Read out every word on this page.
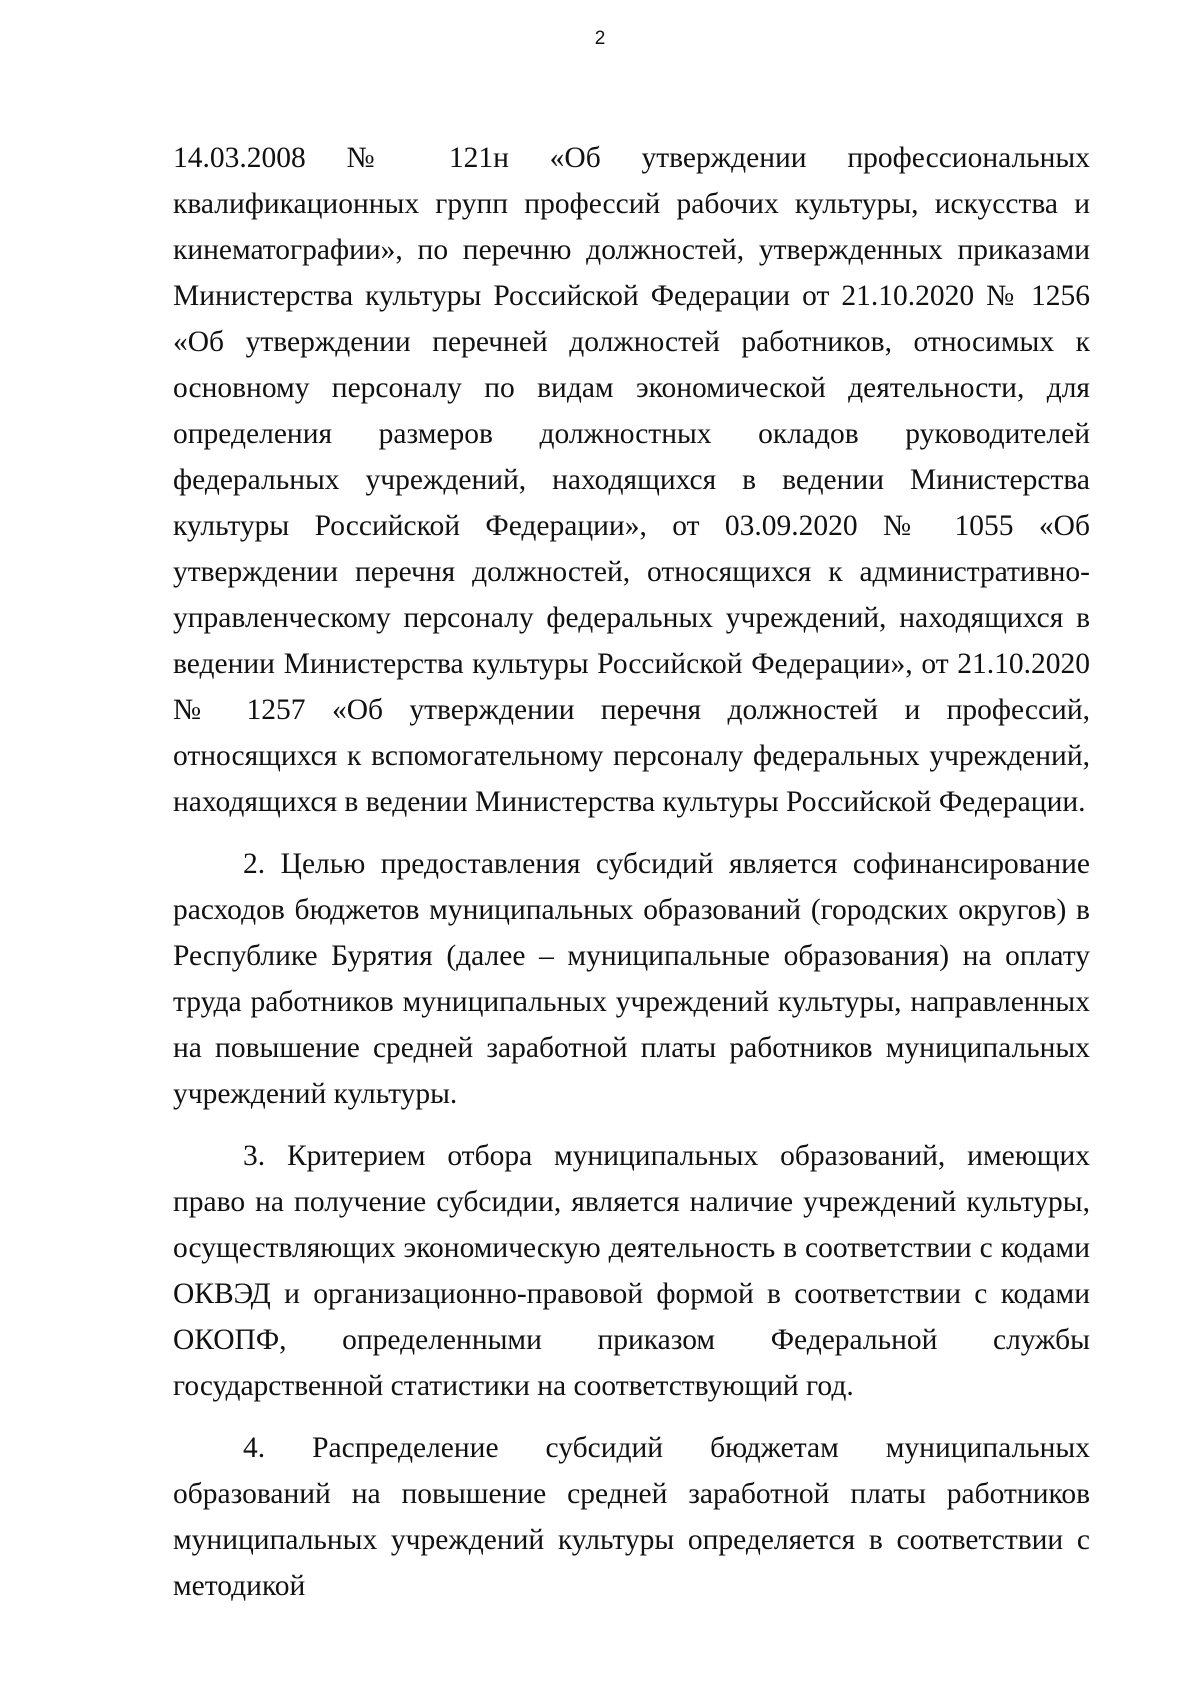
2

14.03.2008 № 121н «Об утверждении профессиональных квалификационных групп профессий рабочих культуры, искусства и кинематографии», по перечню должностей, утвержденных приказами Министерства культуры Российской Федерации от 21.10.2020 № 1256 «Об утверждении перечней должностей работников, относимых к основному персоналу по видам экономической деятельности, для определения размеров должностных окладов руководителей федеральных учреждений, находящихся в ведении Министерства культуры Российской Федерации», от 03.09.2020 № 1055 «Об утверждении перечня должностей, относящихся к административно-управленческому персоналу федеральных учреждений, находящихся в ведении Министерства культуры Российской Федерации», от 21.10.2020 № 1257 «Об утверждении перечня должностей и профессий, относящихся к вспомогательному персоналу федеральных учреждений, находящихся в ведении Министерства культуры Российской Федерации.

2. Целью предоставления субсидий является софинансирование расходов бюджетов муниципальных образований (городских округов) в Республике Бурятия (далее – муниципальные образования) на оплату труда работников муниципальных учреждений культуры, направленных на повышение средней заработной платы работников муниципальных учреждений культуры.

3. Критерием отбора муниципальных образований, имеющих право на получение субсидии, является наличие учреждений культуры, осуществляющих экономическую деятельность в соответствии с кодами ОКВЭД и организационно-правовой формой в соответствии с кодами ОКОПФ, определенными приказом Федеральной службы государственной статистики на соответствующий год.

4. Распределение субсидий бюджетам муниципальных образований на повышение средней заработной платы работников муниципальных учреждений культуры определяется в соответствии с методикой
